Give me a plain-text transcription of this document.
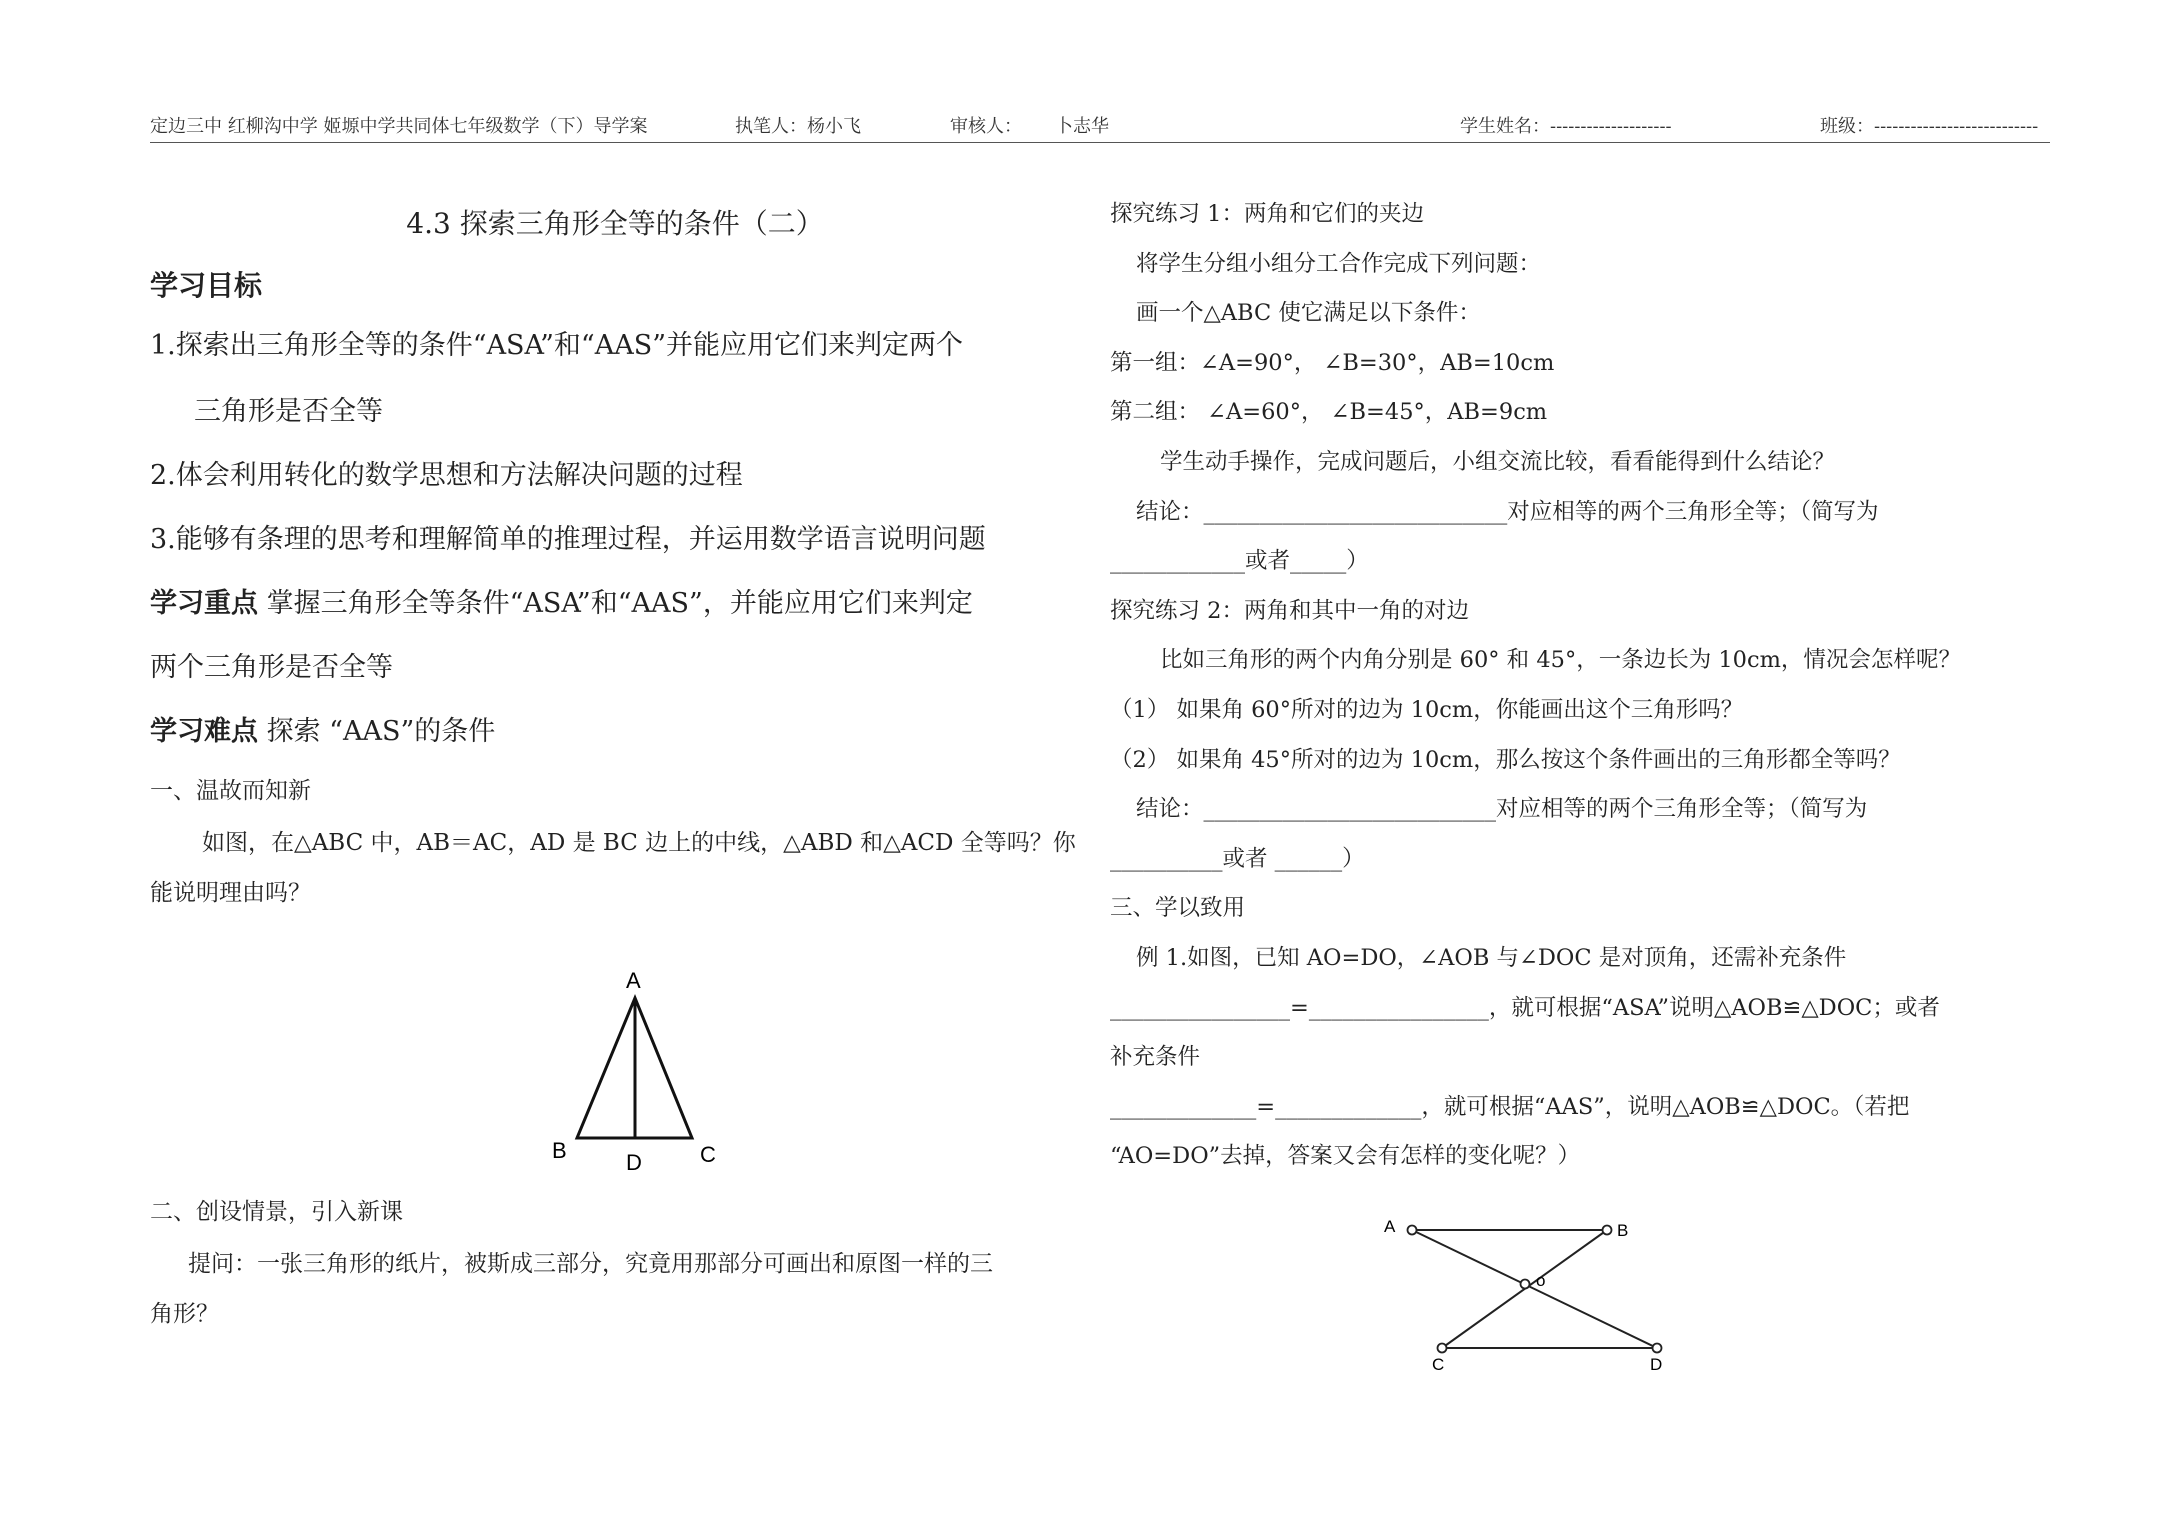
定边三中 红柳沟中学 姬塬中学共同体七年级数学（下）导学案	执笔人：杨小飞	审核人： 卜志华	学生姓名：--------------------	班级：---------------------------

4.3 探索三角形全等的条件（二）

学习目标

1.探索出三角形全等的条件“ASA”和“AAS”并能应用它们来判定两个

三角形是否全等

2.体会利用转化的数学思想和方法解决问题的过程

3.能够有条理的思考和理解简单的推理过程，并运用数学语言说明问题

学习重点 掌握三角形全等条件“ASA”和“AAS”，并能应用它们来判定

两个三角形是否全等

学习难点 探索 “AAS”的条件

一、温故而知新

如图，在△ABC 中，AB＝AC，AD 是 BC 边上的中线，△ABD 和△ACD 全等吗？你

能说明理由吗？

A
B	D	C

二、创设情景，引入新课

提问：一张三角形的纸片，被斯成三部分，究竟用那部分可画出和原图一样的三

角形？

探究练习 1：两角和它们的夹边

将学生分组小组分工合作完成下列问题：

画一个△ABC 使它满足以下条件：

第一组：∠A=90°， ∠B=30°，AB=10cm

第二组： ∠A=60°， ∠B=45°，AB=9cm

学生动手操作，完成问题后，小组交流比较，看看能得到什么结论？

结论：___________________________对应相等的两个三角形全等；（简写为

____________或者_____）

探究练习 2：两角和其中一角的对边

比如三角形的两个内角分别是 60° 和 45°，一条边长为 10cm，情况会怎样呢？

（1） 如果角 60°所对的边为 10cm，你能画出这个三角形吗？

（2） 如果角 45°所对的边为 10cm，那么按这个条件画出的三角形都全等吗？

结论：__________________________对应相等的两个三角形全等；（简写为

__________或者 ______）

三、学以致用

例 1.如图，已知 AO=DO，∠AOB 与∠DOC 是对顶角，还需补充条件

________________=________________，就可根据“ASA”说明△AOB≌△DOC；或者

补充条件

_____________=_____________，就可根据“AAS”，说明△AOB≌△DOC。（若把

“AO=DO”去掉，答案又会有怎样的变化呢？）

A	B
C	D
o
